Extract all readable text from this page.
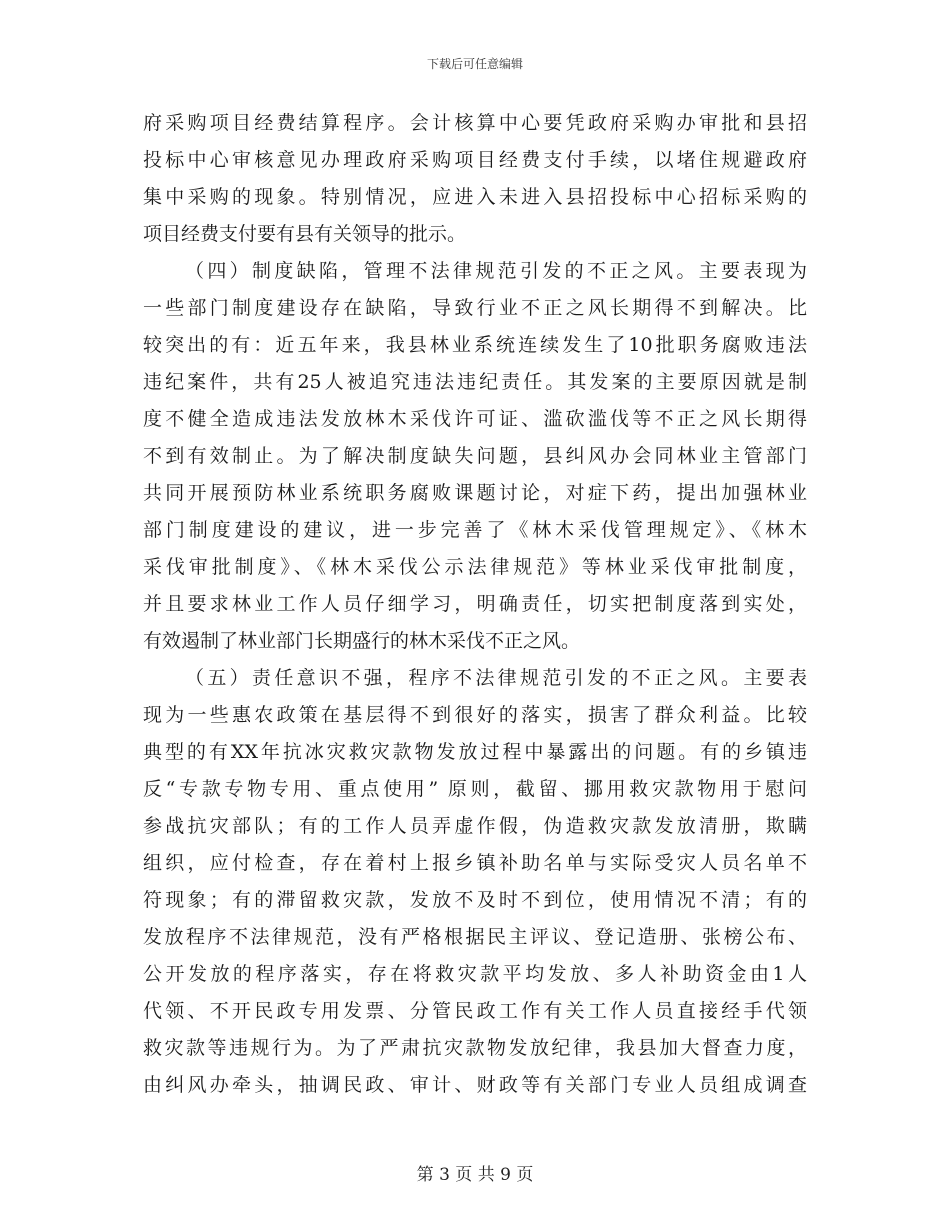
下载后可任意编辑
府采购项目经费结算程序。会计核算中心要凭政府采购办审批和县招
投标中心审核意见办理政府采购项目经费支付手续，以堵住规避政府
集中采购的现象。特别情况，应进入未进入县招投标中心招标采购的
项目经费支付要有县有关领导的批示。
（四）制度缺陷，管理不法律规范引发的不正之风。主要表现为
一些部门制度建设存在缺陷，导致行业不正之风长期得不到解决。比
较突出的有：近五年来，我县林业系统连续发生了10批职务腐败违法
违纪案件，共有25人被追究违法违纪责任。其发案的主要原因就是制
度不健全造成违法发放林木采伐许可证、滥砍滥伐等不正之风长期得
不到有效制止。为了解决制度缺失问题，县纠风办会同林业主管部门
共同开展预防林业系统职务腐败课题讨论，对症下药，提出加强林业
部门制度建设的建议，进一步完善了《林木采伐管理规定》、《林木
采伐审批制度》、《林木采伐公示法律规范》等林业采伐审批制度，
并且要求林业工作人员仔细学习，明确责任，切实把制度落到实处，
有效遏制了林业部门长期盛行的林木采伐不正之风。
（五）责任意识不强，程序不法律规范引发的不正之风。主要表
现为一些惠农政策在基层得不到很好的落实，损害了群众利益。比较
典型的有XX年抗冰灾救灾款物发放过程中暴露出的问题。有的乡镇违
反“专款专物专用、重点使用” 原则，截留、挪用救灾款物用于慰问
参战抗灾部队；有的工作人员弄虚作假，伪造救灾款发放清册，欺瞒
组织，应付检查，存在着村上报乡镇补助名单与实际受灾人员名单不
符现象；有的滞留救灾款，发放不及时不到位，使用情况不清；有的
发放程序不法律规范，没有严格根据民主评议、登记造册、张榜公布、
公开发放的程序落实，存在将救灾款平均发放、多人补助资金由1人
代领、不开民政专用发票、分管民政工作有关工作人员直接经手代领
救灾款等违规行为。为了严肃抗灾款物发放纪律，我县加大督查力度，
由纠风办牵头，抽调民政、审计、财政等有关部门专业人员组成调查
第 3 页 共 9 页
